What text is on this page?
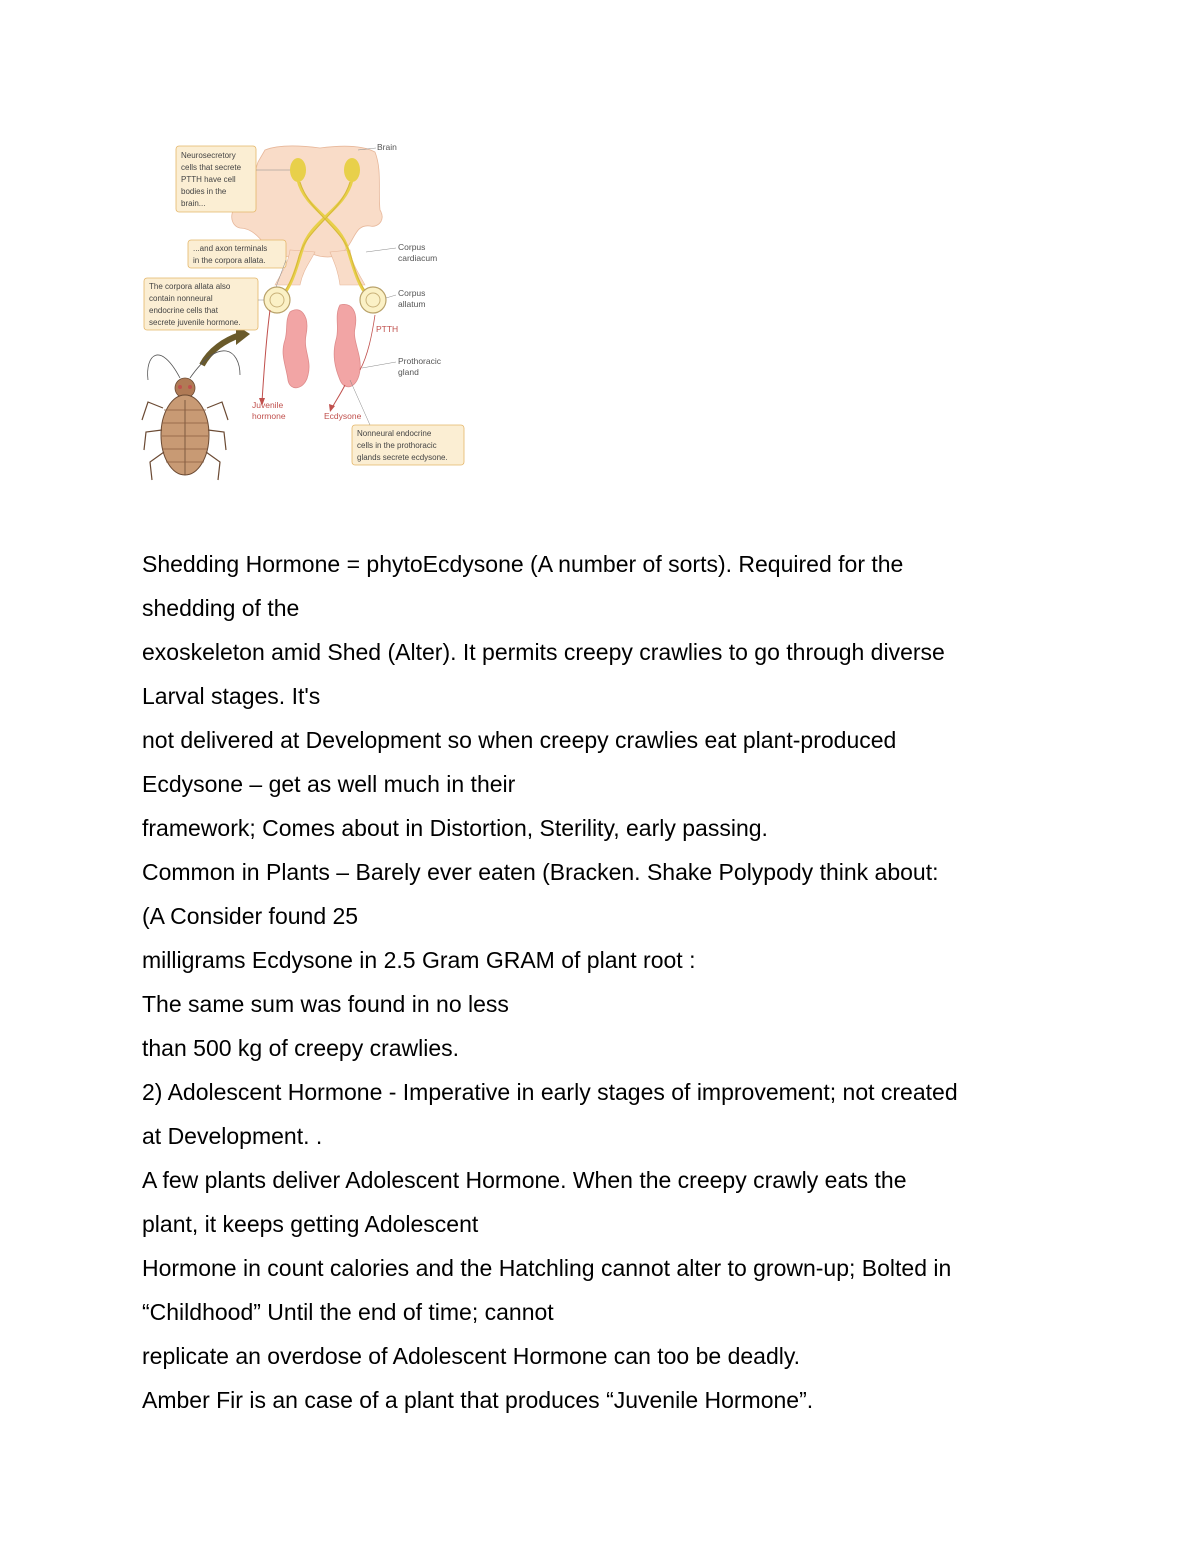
Neurosecretory cells that secrete PTTH have cell bodies in the brain...
...and axon terminals in the corpora allata.
The corpora allata also contain nonneural endocrine cells that secrete juvenile hormone.
Nonneural endocrine cells in the prothoracic glands secrete ecdysone.
Brain
Corpus cardiacum
Corpus allatum
PTTH
Prothoracic gland
Juvenile hormone	Ecdysone
Shedding Hormone = phytoEcdysone (A number of sorts). Required for the
shedding of the
exoskeleton amid Shed (Alter). It permits creepy crawlies to go through diverse
Larval stages. It's
not delivered at Development so when creepy crawlies eat plant-produced
Ecdysone – get as well much in their
framework; Comes about in Distortion, Sterility, early passing.
Common in Plants – Barely ever eaten (Bracken. Shake Polypody think about:
(A Consider found 25
milligrams Ecdysone in 2.5 Gram GRAM of plant root :
The same sum was found in no less
than 500 kg of creepy crawlies.
2) Adolescent Hormone - Imperative in early stages of improvement; not created
at Development. .
A few plants deliver Adolescent Hormone. When the creepy crawly eats the
plant, it keeps getting Adolescent
Hormone in count calories and the Hatchling cannot alter to grown-up; Bolted in
“Childhood” Until the end of time; cannot
replicate an overdose of Adolescent Hormone can too be deadly.
Amber Fir is an case of a plant that produces “Juvenile Hormone”.
